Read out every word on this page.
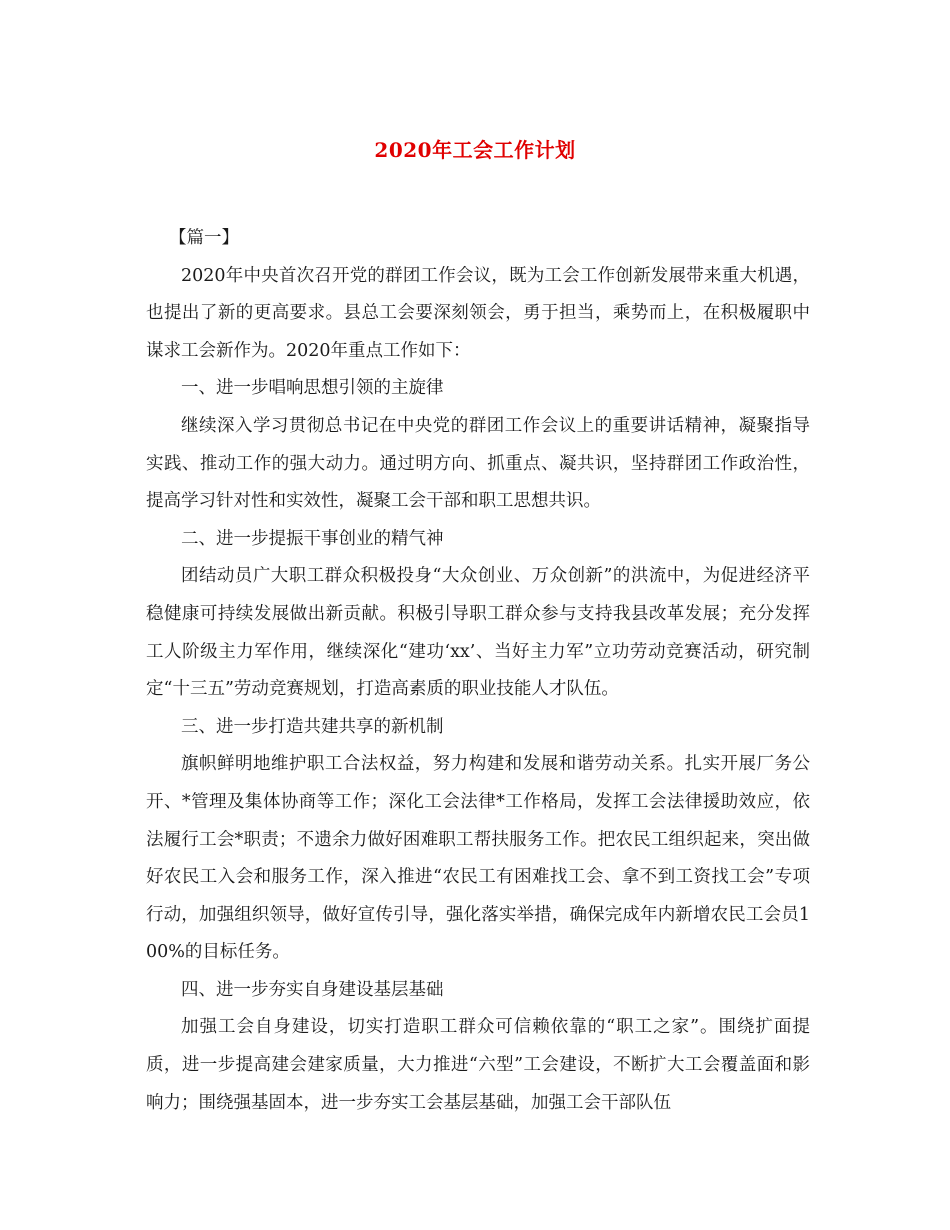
2020年工会工作计划

【篇一】

2020年中央首次召开党的群团工作会议，既为工会工作创新发展带来重大机遇，也提出了新的更高要求。县总工会要深刻领会，勇于担当，乘势而上，在积极履职中谋求工会新作为。2020年重点工作如下：

一、进一步唱响思想引领的主旋律

继续深入学习贯彻总书记在中央党的群团工作会议上的重要讲话精神，凝聚指导实践、推动工作的强大动力。通过明方向、抓重点、凝共识，坚持群团工作政治性，提高学习针对性和实效性，凝聚工会干部和职工思想共识。

二、进一步提振干事创业的精气神

团结动员广大职工群众积极投身“大众创业、万众创新”的洪流中，为促进经济平稳健康可持续发展做出新贡献。积极引导职工群众参与支持我县改革发展；充分发挥工人阶级主力军作用，继续深化“建功‘xx’、当好主力军”立功劳动竞赛活动，研究制定“十三五”劳动竞赛规划，打造高素质的职业技能人才队伍。

三、进一步打造共建共享的新机制

旗帜鲜明地维护职工合法权益，努力构建和发展和谐劳动关系。扎实开展厂务公开、*管理及集体协商等工作；深化工会法律*工作格局，发挥工会法律援助效应，依法履行工会*职责；不遗余力做好困难职工帮扶服务工作。把农民工组织起来，突出做好农民工入会和服务工作，深入推进“农民工有困难找工会、拿不到工资找工会”专项行动，加强组织领导，做好宣传引导，强化落实举措，确保完成年内新增农民工会员100%的目标任务。

四、进一步夯实自身建设基层基础

加强工会自身建设，切实打造职工群众可信赖依靠的“职工之家”。围绕扩面提质，进一步提高建会建家质量，大力推进“六型”工会建设，不断扩大工会覆盖面和影响力；围绕强基固本，进一步夯实工会基层基础，加强工会干部队伍
